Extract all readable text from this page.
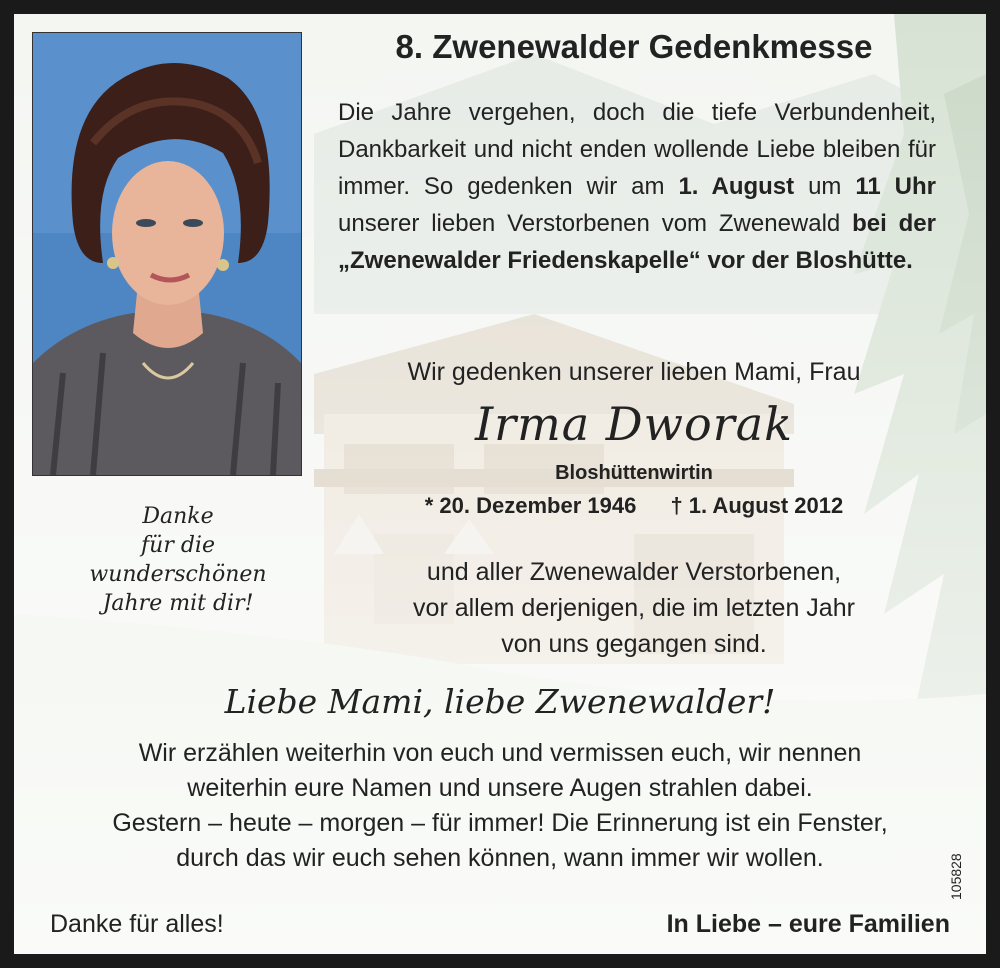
8. Zwenewalder Gedenkmesse

Die Jahre vergehen, doch die tiefe Verbundenheit, Dankbarkeit und nicht enden wollende Liebe bleiben für immer. So gedenken wir am 1. August um 11 Uhr unserer lieben Verstorbenen vom Zwenewald bei der „Zwenewalder Friedenskapelle“ vor der Bloshütte.

Wir gedenken unserer lieben Mami, Frau
Irma Dworak
Bloshüttenwirtin
* 20. Dezember 1946 † 1. August 2012
und aller Zwenewalder Verstorbenen,
vor allem derjenigen, die im letzten Jahr
von uns gegangen sind.
Danke
für die
wunderschönen
Jahre mit dir!
Liebe Mami, liebe Zwenewalder!
Wir erzählen weiterhin von euch und vermissen euch, wir nennen
weiterhin eure Namen und unsere Augen strahlen dabei.
Gestern – heute – morgen – für immer! Die Erinnerung ist ein Fenster,
durch das wir euch sehen können, wann immer wir wollen.
Danke für alles!	In Liebe – eure Familien
105828
